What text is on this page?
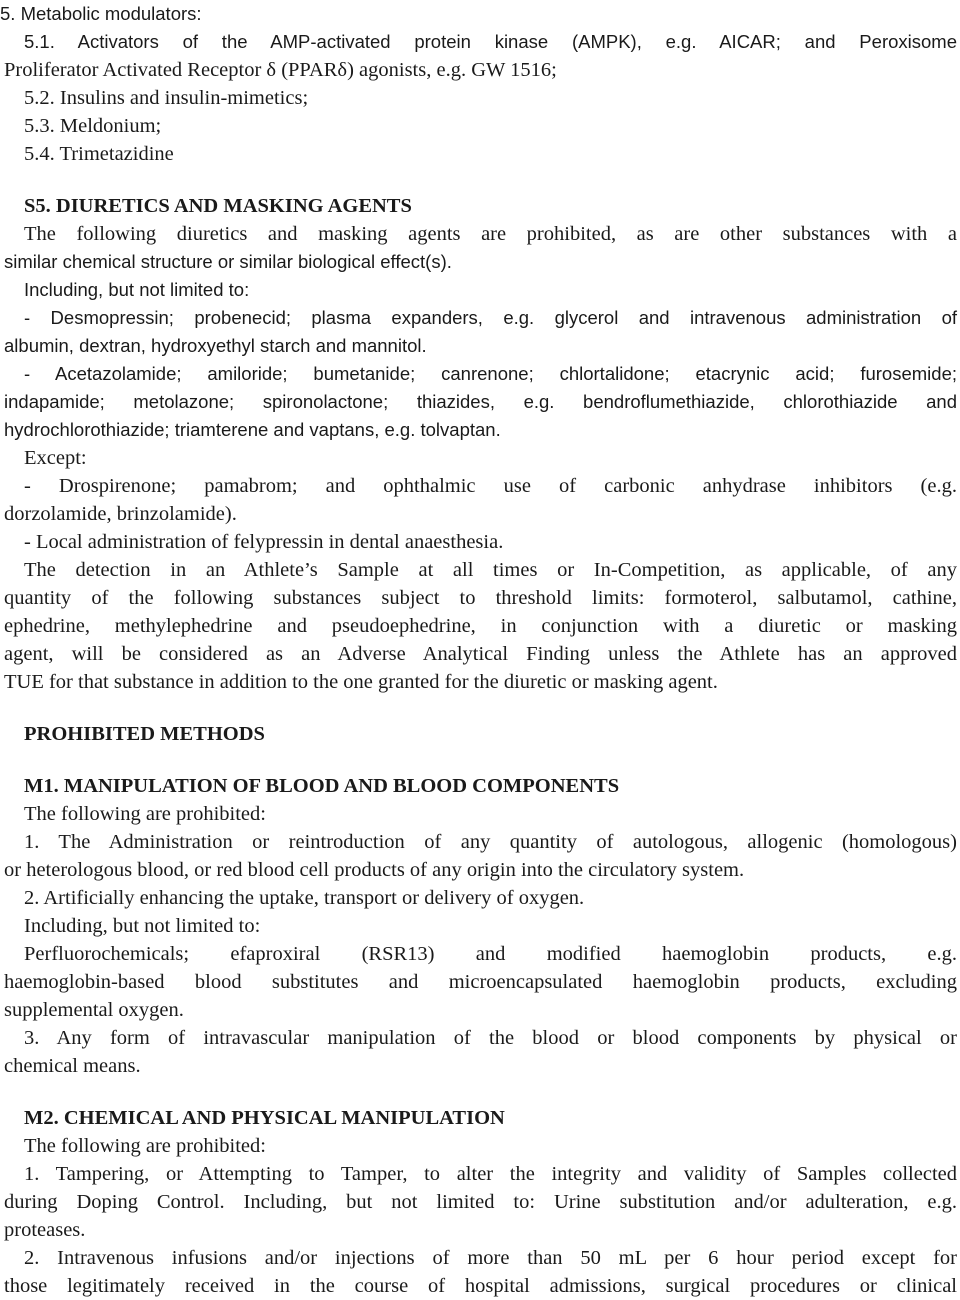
5. Metabolic modulators:

5.1. Activators of the AMP-activated protein kinase (AMPK), e.g. AICAR; and Peroxisome

Proliferator Activated Receptor δ (PPARδ) agonists, e.g. GW 1516;

5.2. Insulins and insulin-mimetics;

5.3. Meldonium;

5.4. Trimetazidine

S5. DIURETICS AND MASKING AGENTS

The following diuretics and masking agents are prohibited, as are other substances with a

similar chemical structure or similar biological effect(s).

Including, but not limited to:

- Desmopressin; probenecid; plasma expanders, e.g. glycerol and intravenous administration of

albumin, dextran, hydroxyethyl starch and mannitol.

- Acetazolamide; amiloride; bumetanide; canrenone; chlortalidone; etacrynic acid; furosemide;

indapamide; metolazone; spironolactone; thiazides, e.g. bendroflumethiazide, chlorothiazide and

hydrochlorothiazide; triamterene and vaptans, e.g. tolvaptan.

Except:

- Drospirenone; pamabrom; and ophthalmic use of carbonic anhydrase inhibitors (e.g.

dorzolamide, brinzolamide).

- Local administration of felypressin in dental anaesthesia.

The detection in an Athlete’s Sample at all times or In-Competition, as applicable, of any

quantity of the following substances subject to threshold limits: formoterol, salbutamol, cathine,

ephedrine, methylephedrine and pseudoephedrine, in conjunction with a diuretic or masking

agent, will be considered as an Adverse Analytical Finding unless the Athlete has an approved

TUE for that substance in addition to the one granted for the diuretic or masking agent.

PROHIBITED METHODS

M1. MANIPULATION OF BLOOD AND BLOOD COMPONENTS

The following are prohibited:

1. The Administration or reintroduction of any quantity of autologous, allogenic (homologous)

or heterologous blood, or red blood cell products of any origin into the circulatory system.

2. Artificially enhancing the uptake, transport or delivery of oxygen.

Including, but not limited to:

Perfluorochemicals; efaproxiral (RSR13) and modified haemoglobin products, e.g.

haemoglobin-based blood substitutes and microencapsulated haemoglobin products, excluding

supplemental oxygen.

3. Any form of intravascular manipulation of the blood or blood components by physical or

chemical means.

M2. CHEMICAL AND PHYSICAL MANIPULATION

The following are prohibited:

1. Tampering, or Attempting to Tamper, to alter the integrity and validity of Samples collected

during Doping Control. Including, but not limited to: Urine substitution and/or adulteration, e.g.

proteases.

2. Intravenous infusions and/or injections of more than 50 mL per 6 hour period except for

those legitimately received in the course of hospital admissions, surgical procedures or clinical
